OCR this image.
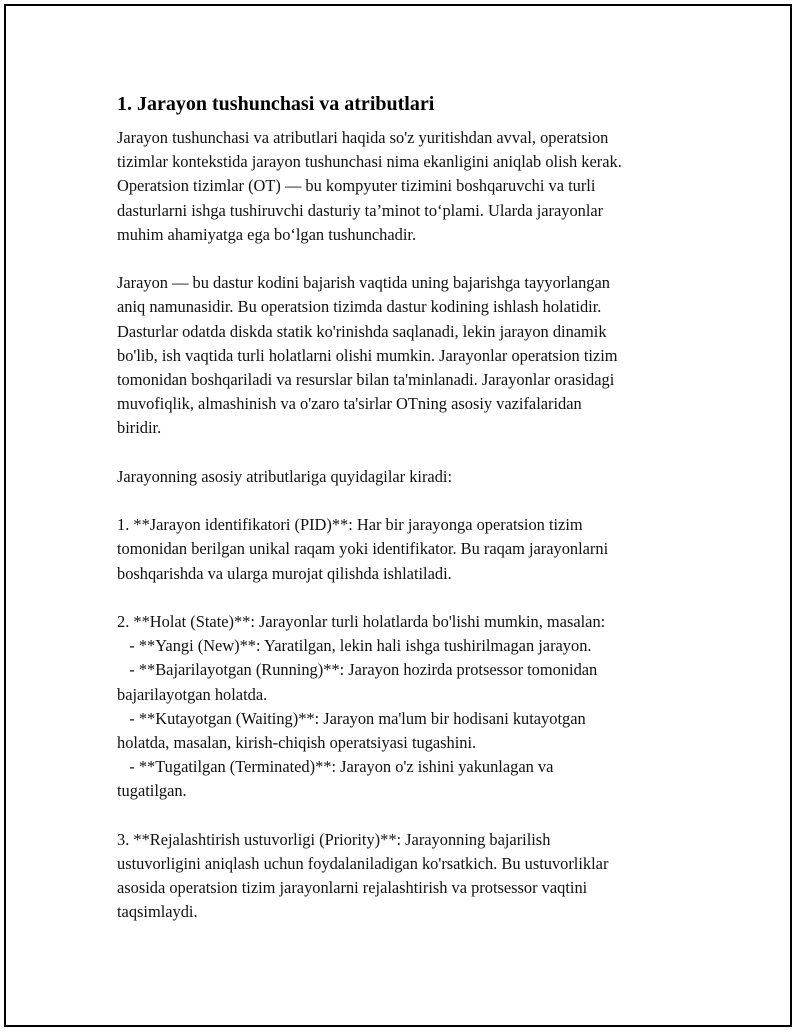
1. Jarayon tushunchasi va atributlari
Jarayon tushunchasi va atributlari haqida so'z yuritishdan avval, operatsion
tizimlar kontekstida jarayon tushunchasi nima ekanligini aniqlab olish kerak.
Operatsion tizimlar (OT) — bu kompyuter tizimini boshqaruvchi va turli
dasturlarni ishga tushiruvchi dasturiy ta’minot to‘plami. Ularda jarayonlar
muhim ahamiyatga ega bo‘lgan tushunchadir.
Jarayon — bu dastur kodini bajarish vaqtida uning bajarishga tayyorlangan
aniq namunasidir. Bu operatsion tizimda dastur kodining ishlash holatidir.
Dasturlar odatda diskda statik ko'rinishda saqlanadi, lekin jarayon dinamik
bo'lib, ish vaqtida turli holatlarni olishi mumkin. Jarayonlar operatsion tizim
tomonidan boshqariladi va resurslar bilan ta'minlanadi. Jarayonlar orasidagi
muvofiqlik, almashinish va o'zaro ta'sirlar OTning asosiy vazifalaridan
biridir.
Jarayonning asosiy atributlariga quyidagilar kiradi:
1. **Jarayon identifikatori (PID)**: Har bir jarayonga operatsion tizim
tomonidan berilgan unikal raqam yoki identifikator. Bu raqam jarayonlarni
boshqarishda va ularga murojat qilishda ishlatiladi.
2. **Holat (State)**: Jarayonlar turli holatlarda bo'lishi mumkin, masalan:
- **Yangi (New)**: Yaratilgan, lekin hali ishga tushirilmagan jarayon.
- **Bajarilayotgan (Running)**: Jarayon hozirda protsessor tomonidan
bajarilayotgan holatda.
- **Kutayotgan (Waiting)**: Jarayon ma'lum bir hodisani kutayotgan
holatda, masalan, kirish-chiqish operatsiyasi tugashini.
- **Tugatilgan (Terminated)**: Jarayon o'z ishini yakunlagan va
tugatilgan.
3. **Rejalashtirish ustuvorligi (Priority)**: Jarayonning bajarilish
ustuvorligini aniqlash uchun foydalaniladigan ko'rsatkich. Bu ustuvorliklar
asosida operatsion tizim jarayonlarni rejalashtirish va protsessor vaqtini
taqsimlaydi.
